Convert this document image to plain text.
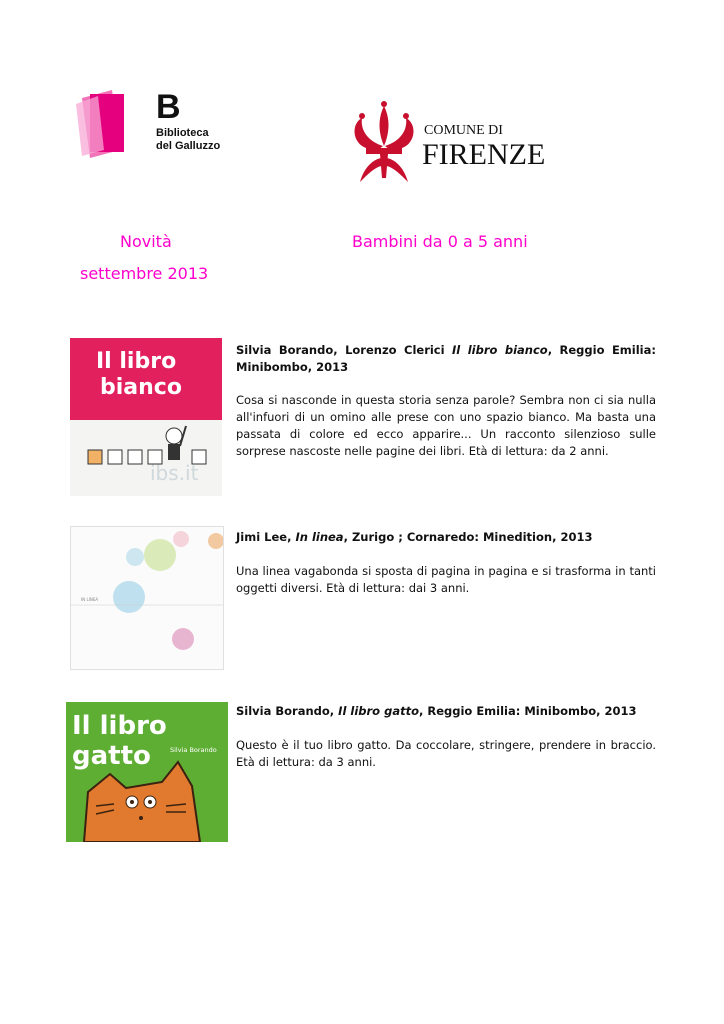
B
Biblioteca
del Galluzzo
COMUNE DI
FIRENZE
Novità
settembre 2013
Bambini da 0 a 5 anni
Il libro
bianco
ibs.it
Silvia Borando, Lorenzo Clerici Il libro bianco, Reggio Emilia: Minibombo, 2013
Cosa si nasconde in questa storia senza parole? Sembra non ci sia nulla all'infuori di un omino alle prese con uno spazio bianco. Ma basta una passata di colore ed ecco apparire... Un racconto silenzioso sulle sorprese nascoste nelle pagine dei libri. Età di lettura: da 2 anni.
IN LINEA
Jimi Lee, In linea, Zurigo ; Cornaredo: Minedition, 2013
Una linea vagabonda si sposta di pagina in pagina e si trasforma in tanti oggetti diversi. Età di lettura: dai 3 anni.
Il libro
gatto	Silvia Borando
Silvia Borando, Il libro gatto, Reggio Emilia: Minibombo, 2013
Questo è il tuo libro gatto. Da coccolare, stringere, prendere in braccio. Età di lettura: da 3 anni.
